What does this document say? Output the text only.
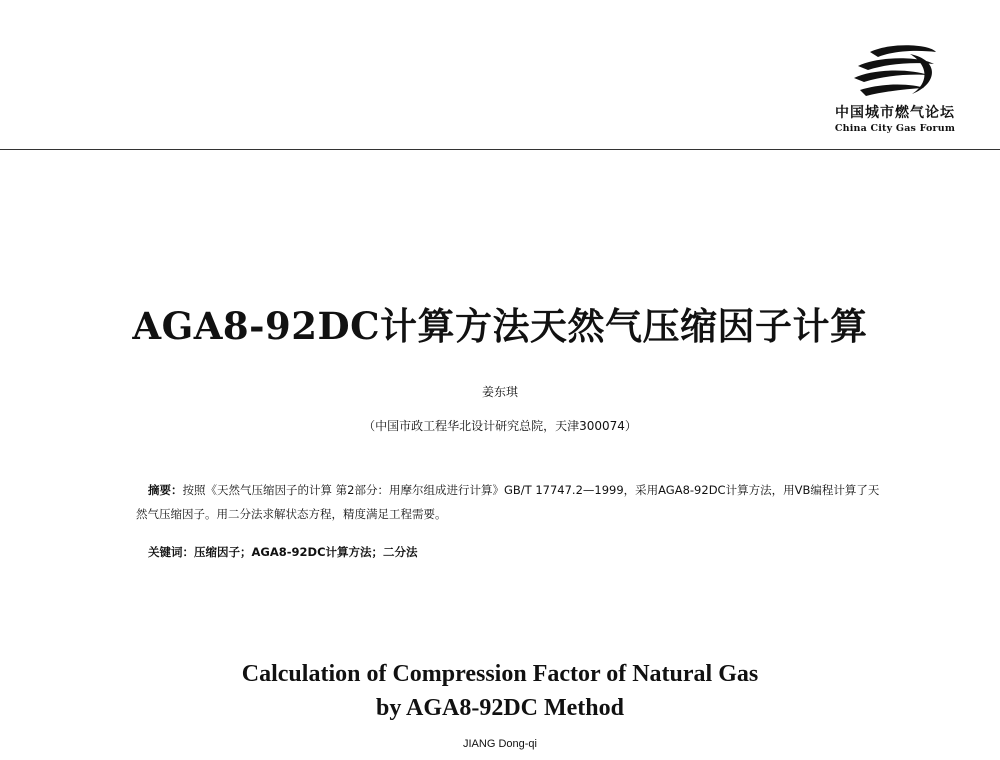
中国城市燃气论坛
China City Gas Forum
AGA8-92DC计算方法天然气压缩因子计算
姜东琪
（中国市政工程华北设计研究总院，天津300074）
摘要：按照《天然气压缩因子的计算 第2部分：用摩尔组成进行计算》GB/T 17747.2—1999，采用AGA8-92DC计算方法，用VB编程计算了天然气压缩因子。用二分法求解状态方程，精度满足工程需要。
关键词：压缩因子；AGA8-92DC计算方法；二分法
Calculation of Compression Factor of Natural Gas
by AGA8-92DC Method
JIANG Dong-qi
